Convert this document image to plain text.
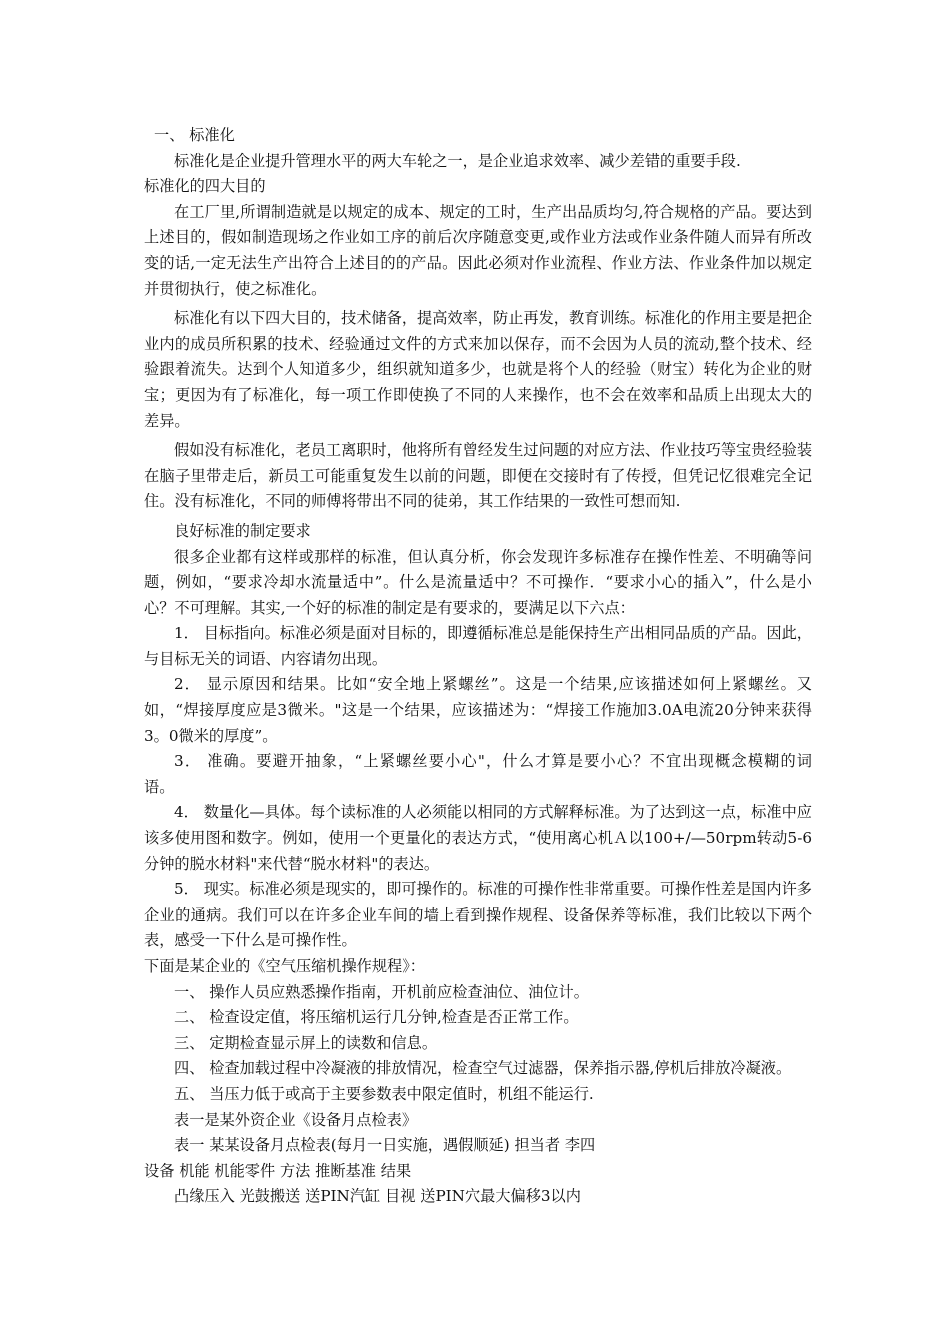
一、 标准化

标准化是企业提升管理水平的两大车轮之一，是企业追求效率、减少差错的重要手段.

标准化的四大目的

在工厂里,所谓制造就是以规定的成本、规定的工时，生产出品质均匀,符合规格的产品。要达到上述目的，假如制造现场之作业如工序的前后次序随意变更,或作业方法或作业条件随人而异有所改变的话,一定无法生产出符合上述目的的产品。因此必须对作业流程、作业方法、作业条件加以规定并贯彻执行，使之标准化。

标准化有以下四大目的，技术储备，提高效率，防止再发，教育训练。标准化的作用主要是把企业内的成员所积累的技术、经验通过文件的方式来加以保存，而不会因为人员的流动,整个技术、经验跟着流失。达到个人知道多少，组织就知道多少，也就是将个人的经验（财宝）转化为企业的财宝；更因为有了标准化，每一项工作即使换了不同的人来操作，也不会在效率和品质上出现太大的差异。

假如没有标准化，老员工离职时，他将所有曾经发生过问题的对应方法、作业技巧等宝贵经验装在脑子里带走后，新员工可能重复发生以前的问题，即便在交接时有了传授，但凭记忆很难完全记住。没有标准化，不同的师傅将带出不同的徒弟，其工作结果的一致性可想而知.

良好标准的制定要求

很多企业都有这样或那样的标准，但认真分析，你会发现许多标准存在操作性差、不明确等问题，例如，“要求冷却水流量适中”。什么是流量适中？不可操作．“要求小心的插入”，什么是小心？不可理解。其实,一个好的标准的制定是有要求的，要满足以下六点：

1． 目标指向。标准必须是面对目标的，即遵循标准总是能保持生产出相同品质的产品。因此，与目标无关的词语、内容请勿出现。

2． 显示原因和结果。比如“安全地上紧螺丝”。这是一个结果,应该描述如何上紧螺丝。又如，“焊接厚度应是3微米。"这是一个结果，应该描述为：“焊接工作施加3.0A电流20分钟来获得3。0微米的厚度”。

3． 准确。要避开抽象，“上紧螺丝要小心"，什么才算是要小心？不宜出现概念模糊的词　　语。

4． 数量化—具体。每个读标准的人必须能以相同的方式解释标准。为了达到这一点，标准中应该多使用图和数字。例如，使用一个更量化的表达方式，“使用离心机Ａ以100+/—50rpm转动5-6分钟的脱水材料"来代替“脱水材料"的表达。

5． 现实。标准必须是现实的，即可操作的。标准的可操作性非常重要。可操作性差是国内许多企业的通病。我们可以在许多企业车间的墙上看到操作规程、设备保养等标准，我们比较以下两个表，感受一下什么是可操作性。

下面是某企业的《空气压缩机操作规程》：

一、 操作人员应熟悉操作指南，开机前应检查油位、油位计。

二、 检查设定值，将压缩机运行几分钟,检查是否正常工作。

三、 定期检查显示屏上的读数和信息。

四、 检查加载过程中冷凝液的排放情况，检查空气过滤器，保养指示器,停机后排放冷凝液。

五、 当压力低于或高于主要参数表中限定值时，机组不能运行.

表一是某外资企业《设备月点检表》

表一 某某设备月点检表(每月一日实施，遇假顺延) 担当者 李四

设备 机能 机能零件 方法 推断基准 结果

凸缘压入 光鼓搬送 送PIN汽缸 目视 送PIN穴最大偏移3以内
